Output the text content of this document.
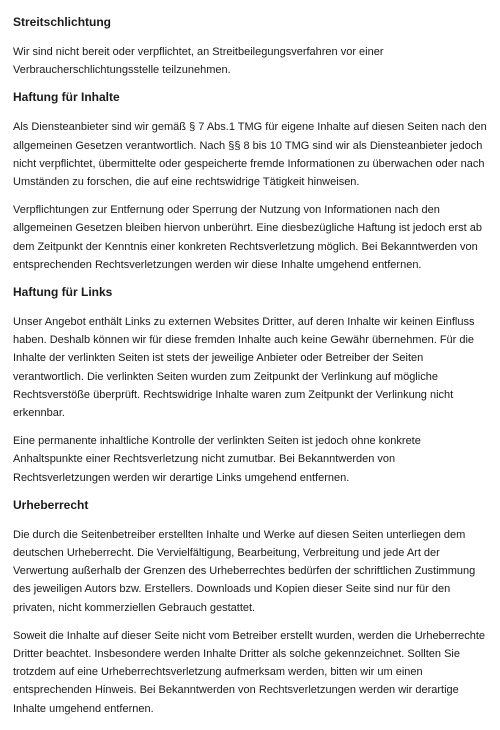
Streitschlichtung

Wir sind nicht bereit oder verpflichtet, an Streitbeilegungsverfahren vor einer Verbraucherschlichtungsstelle teilzunehmen.

Haftung für Inhalte

Als Diensteanbieter sind wir gemäß § 7 Abs.1 TMG für eigene Inhalte auf diesen Seiten nach den allgemeinen Gesetzen verantwortlich. Nach §§ 8 bis 10 TMG sind wir als Diensteanbieter jedoch nicht verpflichtet, übermittelte oder gespeicherte fremde Informationen zu überwachen oder nach Umständen zu forschen, die auf eine rechtswidrige Tätigkeit hinweisen.

Verpflichtungen zur Entfernung oder Sperrung der Nutzung von Informationen nach den allgemeinen Gesetzen bleiben hiervon unberührt. Eine diesbezügliche Haftung ist jedoch erst ab dem Zeitpunkt der Kenntnis einer konkreten Rechtsverletzung möglich. Bei Bekanntwerden von entsprechenden Rechtsverletzungen werden wir diese Inhalte umgehend entfernen.

Haftung für Links

Unser Angebot enthält Links zu externen Websites Dritter, auf deren Inhalte wir keinen Einfluss haben. Deshalb können wir für diese fremden Inhalte auch keine Gewähr übernehmen. Für die Inhalte der verlinkten Seiten ist stets der jeweilige Anbieter oder Betreiber der Seiten verantwortlich. Die verlinkten Seiten wurden zum Zeitpunkt der Verlinkung auf mögliche Rechtsverstöße überprüft. Rechtswidrige Inhalte waren zum Zeitpunkt der Verlinkung nicht erkennbar.

Eine permanente inhaltliche Kontrolle der verlinkten Seiten ist jedoch ohne konkrete Anhaltspunkte einer Rechtsverletzung nicht zumutbar. Bei Bekanntwerden von Rechtsverletzungen werden wir derartige Links umgehend entfernen.

Urheberrecht

Die durch die Seitenbetreiber erstellten Inhalte und Werke auf diesen Seiten unterliegen dem deutschen Urheberrecht. Die Vervielfältigung, Bearbeitung, Verbreitung und jede Art der Verwertung außerhalb der Grenzen des Urheberrechtes bedürfen der schriftlichen Zustimmung des jeweiligen Autors bzw. Erstellers. Downloads und Kopien dieser Seite sind nur für den privaten, nicht kommerziellen Gebrauch gestattet.

Soweit die Inhalte auf dieser Seite nicht vom Betreiber erstellt wurden, werden die Urheberrechte Dritter beachtet. Insbesondere werden Inhalte Dritter als solche gekennzeichnet. Sollten Sie trotzdem auf eine Urheberrechtsverletzung aufmerksam werden, bitten wir um einen entsprechenden Hinweis. Bei Bekanntwerden von Rechtsverletzungen werden wir derartige Inhalte umgehend entfernen.
